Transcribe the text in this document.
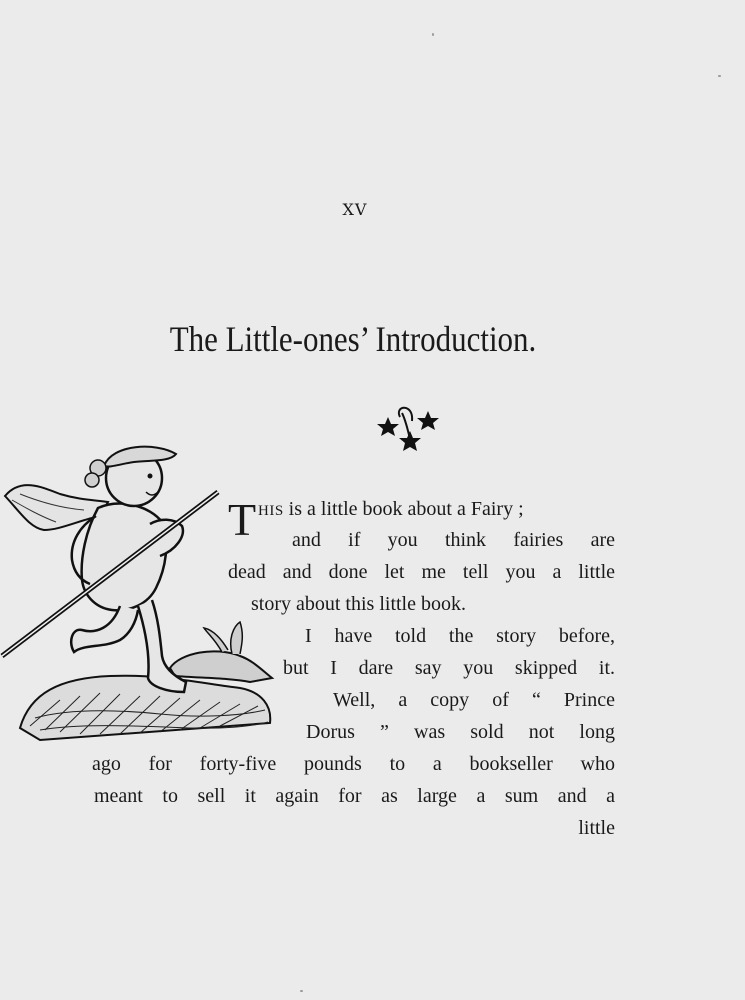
XV
The Little-ones’ Introduction.
T HIS is a little book about a Fairy ;

and if you think fairies are

dead and done let me tell you a little

story about this little book.

I have told the story before,

but I dare say you skipped it.

Well, a copy of “ Prince

Dorus ” was sold not long

ago for forty-five pounds to a bookseller who

meant to sell it again for as large a sum and a

little
